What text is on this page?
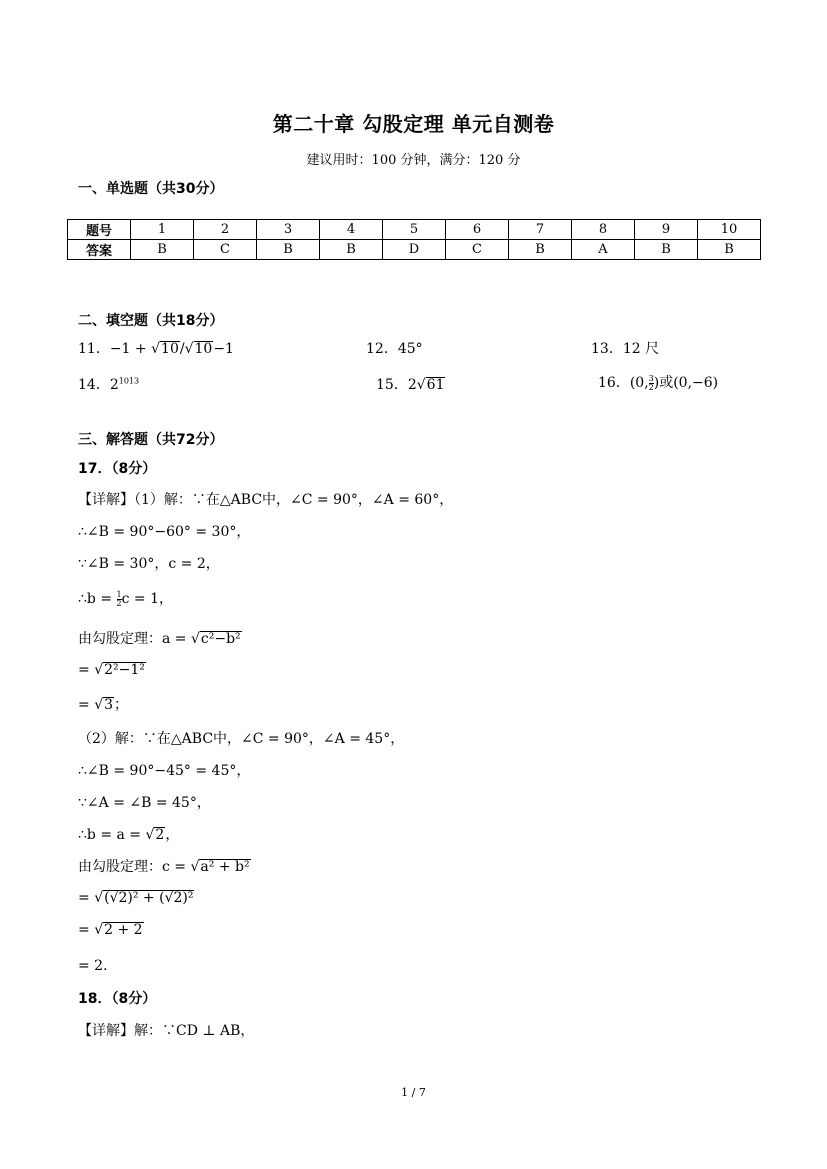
第二十章 勾股定理 单元自测卷
建议用时：100 分钟，满分：120 分
一、单选题（共30分）
题号	1	2	3	4	5	6	7	8	9	10
答案	B	C	B	B	D	C	B	A	B	B
二、填空题（共18分）
11．−1 + √10/√10−1	12．45°	13．12 尺
14．$2^{1013}$	15．2√61	16．(0, $\frac{3}{2}$ )或(0,−6)
三、解答题（共72分）
17．（8分）
【详解】（1）解：∵在△ABC中，∠C = 90°，∠A = 60°，
∴∠B = 90°−60° = 30°，
∵∠B = 30°，c = 2，
∴b = $\frac{1}{2}$ c = 1，
由勾股定理：a = √c²−b²
= √2²−1²
= √3；
（2）解：∵在△ABC中，∠C = 90°，∠A = 45°，
∴∠B = 90°−45° = 45°，
∵∠A = ∠B = 45°，
∴b = a = √2，
由勾股定理：c = √a² + b²
= √(√2)² + (√2)²
= √2 + 2
= 2．
18．（8分）
【详解】解：∵CD ⊥ AB，
1 / 7
